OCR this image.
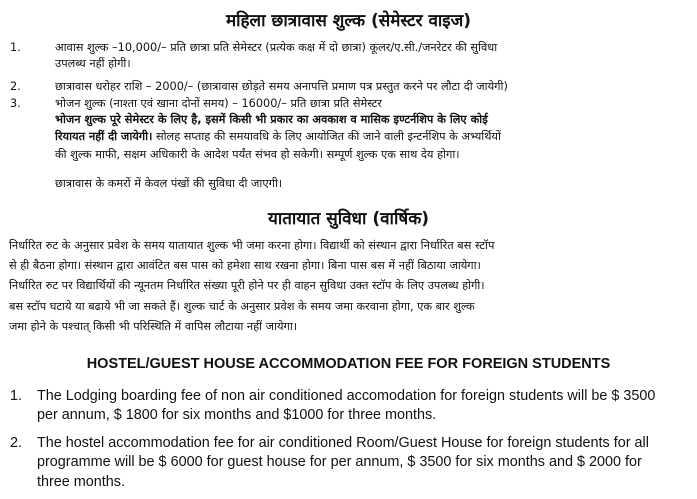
महिला छात्रावास शुल्क (सेमेस्टर वाइज)
1.	आवास शुल्क –10,000/– प्रति छात्रा प्रति सेमेस्टर (प्रत्येक कक्ष में दो छात्रा) कूलर/ए.सी./जनरेटर की सुविधा
उपलब्ध नहीं होगी।
2.	छात्रावास धरोहर राशि – 2000/– (छात्रावास छोड़ते समय अनापत्ति प्रमाण पत्र प्रस्तुत करने पर लौटा दी जायेगी)
3.	भोजन शुल्क (नाश्ता एवं खाना दोनों समय) – 16000/– प्रति छात्रा प्रति सेमेस्टर
भोजन शुल्क पूरे सेमेस्टर के लिए है, इसमें किसी भी प्रकार का अवकाश व मासिक इण्टर्नशिप के लिए कोई
रियायत नहीं दी जायेगी। सोलह सप्ताह की समयावधि के लिए आयोजित की जाने वाली इन्टर्नशिप के अभ्यर्थियों
की शुल्क माफी, सक्षम अधिकारी के आदेश पर्यंत संभव हो सकेगी। सम्पूर्ण शुल्क एक साथ देय होगा।
छात्रावास के कमरों में केवल पंखों की सुविधा दी जाएगी।
यातायात सुविधा (वार्षिक)
निर्धारित रुट के अनुसार प्रवेश के समय यातायात शुल्क भी जमा करना होगा। विद्यार्थी को संस्थान द्वारा निर्धारित बस स्टॉप
से ही बैठना होगा। संस्थान द्वारा आवंटित बस पास को हमेशा साथ रखना होगा। बिना पास बस में नहीं बिठाया जायेगा।
निर्धारित रुट पर विद्यार्थियों की न्यूनतम निर्धारित संख्या पूरी होने पर ही वाहन सुविधा उक्त स्टॉप के लिए उपलब्ध होगी।
बस स्टॉप घटाये या बढाये भी जा सकते हैं। शुल्क चार्ट के अनुसार प्रवेश के समय जमा करवाना होगा, एक बार शुल्क
जमा होने के पश्चात् किसी भी परिस्थिति में वापिस लौटाया नहीं जायेगा।
HOSTEL/GUEST HOUSE ACCOMMODATION FEE FOR FOREIGN STUDENTS
1. The Lodging boarding fee of non air conditioned accomodation for foreign students will be $ 3500
per annum, $ 1800 for six months and $1000 for three months.
2. The hostel accommodation fee for air conditioned Room/Guest House for foreign students for all
programme will be $ 6000 for guest house for per annum, $ 3500 for six months and $ 2000 for
three months.
